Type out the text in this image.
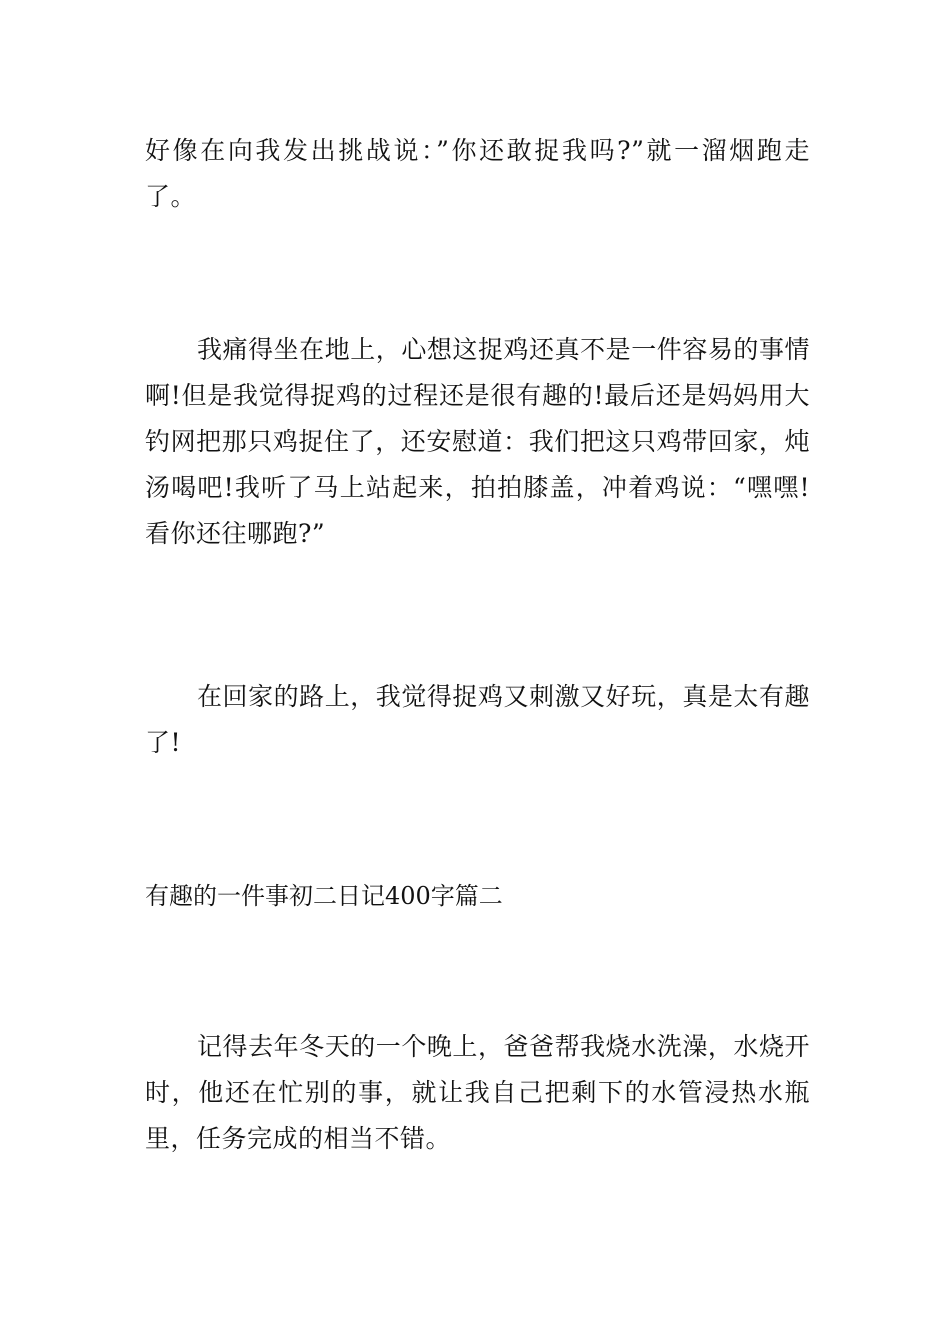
好像在向我发出挑战说：”你还敢捉我吗?”就一溜烟跑走了。

我痛得坐在地上，心想这捉鸡还真不是一件容易的事情啊!但是我觉得捉鸡的过程还是很有趣的!最后还是妈妈用大钓网把那只鸡捉住了，还安慰道：我们把这只鸡带回家，炖汤喝吧!我听了马上站起来，拍拍膝盖，冲着鸡说：“嘿嘿!看你还往哪跑?”

在回家的路上，我觉得捉鸡又刺激又好玩，真是太有趣了!

有趣的一件事初二日记400字篇二

记得去年冬天的一个晚上，爸爸帮我烧水洗澡，水烧开时，他还在忙别的事，就让我自己把剩下的水管浸热水瓶里，任务完成的相当不错。
